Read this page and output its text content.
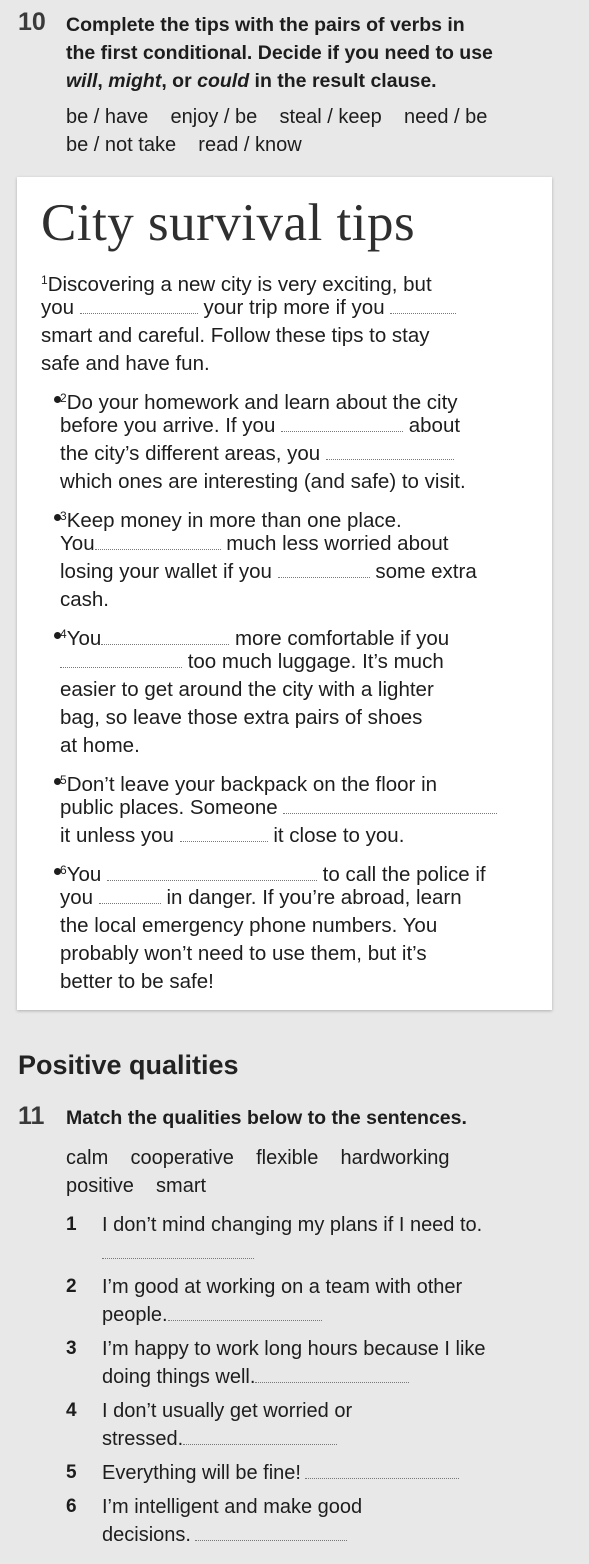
10 Complete the tips with the pairs of verbs in
the first conditional. Decide if you need to use
will, might, or could in the result clause.
be / have    enjoy / be    steal / keep    need / be
be / not take    read / know
City survival tips
$^1$Discovering a new city is very exciting, but
you	your trip more if you
smart and careful. Follow these tips to stay
safe and have fun.
$^2$Do your homework and learn about the city
before you arrive. If you	about
the city’s different areas, you
which ones are interesting (and safe) to visit.
$^3$Keep money in more than one place.
You	much less worried about
losing your wallet if you	some extra
cash.
$^4$You	more comfortable if you
too much luggage. It’s much
easier to get around the city with a lighter
bag, so leave those extra pairs of shoes
at home.
$^5$Don’t leave your backpack on the floor in
public places. Someone
it unless you	it close to you.
$^6$You	to call the police if
you	in danger. If you’re abroad, learn
the local emergency phone numbers. You
probably won’t need to use them, but it’s
better to be safe!
Positive qualities
11 Match the qualities below to the sentences.
calm    cooperative    flexible    hardworking
positive    smart
1 I don’t mind changing my plans if I need to.
2 I’m good at working on a team with other
people.
3 I’m happy to work long hours because I like
doing things well.
4 I don’t usually get worried or
stressed.
5 Everything will be fine!
6 I’m intelligent and make good
decisions.
